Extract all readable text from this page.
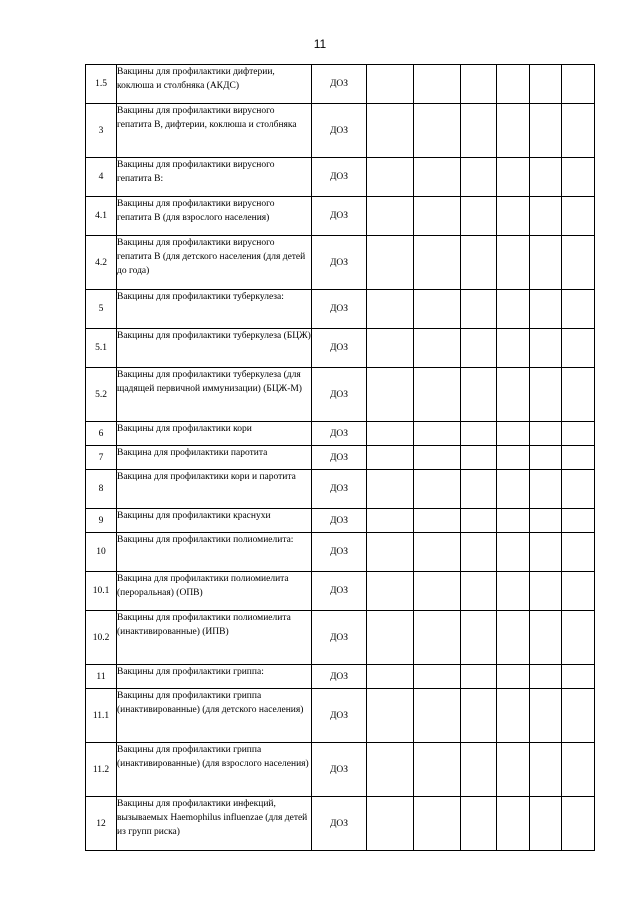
11
1.5	Вакцины для профилактики дифтерии, коклюша и столбняка (АКДС)	ДОЗ						
3	Вакцины для профилактики вирусного гепатита В, дифтерии, коклюша и столбняка	ДОЗ						
4	Вакцины для профилактики вирусного гепатита В:	ДОЗ						
4.1	Вакцины для профилактики вирусного гепатита В (для взрослого населения)	ДОЗ						
4.2	Вакцины для профилактики вирусного гепатита В (для детского населения (для детей до года)	ДОЗ						
5	Вакцины для профилактики туберкулеза:	ДОЗ						
5.1	Вакцины для профилактики туберкулеза (БЦЖ)	ДОЗ						
5.2	Вакцины для профилактики туберкулеза (для щадящей первичной иммунизации) (БЦЖ-М)	ДОЗ						
6	Вакцины для профилактики кори	ДОЗ						
7	Вакцина для профилактики паротита	ДОЗ						
8	Вакцина для профилактики кори и паротита	ДОЗ						
9	Вакцины для профилактики краснухи	ДОЗ						
10	Вакцины для профилактики полиомиелита:	ДОЗ						
10.1	Вакцина для профилактики полиомиелита (пероральная) (ОПВ)	ДОЗ						
10.2	Вакцины для профилактики полиомиелита (инактивированные) (ИПВ)	ДОЗ						
11	Вакцины для профилактики гриппа:	ДОЗ						
11.1	Вакцины для профилактики гриппа (инактивированные) (для детского населения)	ДОЗ						
11.2	Вакцины для профилактики гриппа (инактивированные) (для взрослого населения)	ДОЗ						
12	Вакцины для профилактики инфекций, вызываемых Haemophilus influenzae (для детей из групп риска)	ДОЗ						
